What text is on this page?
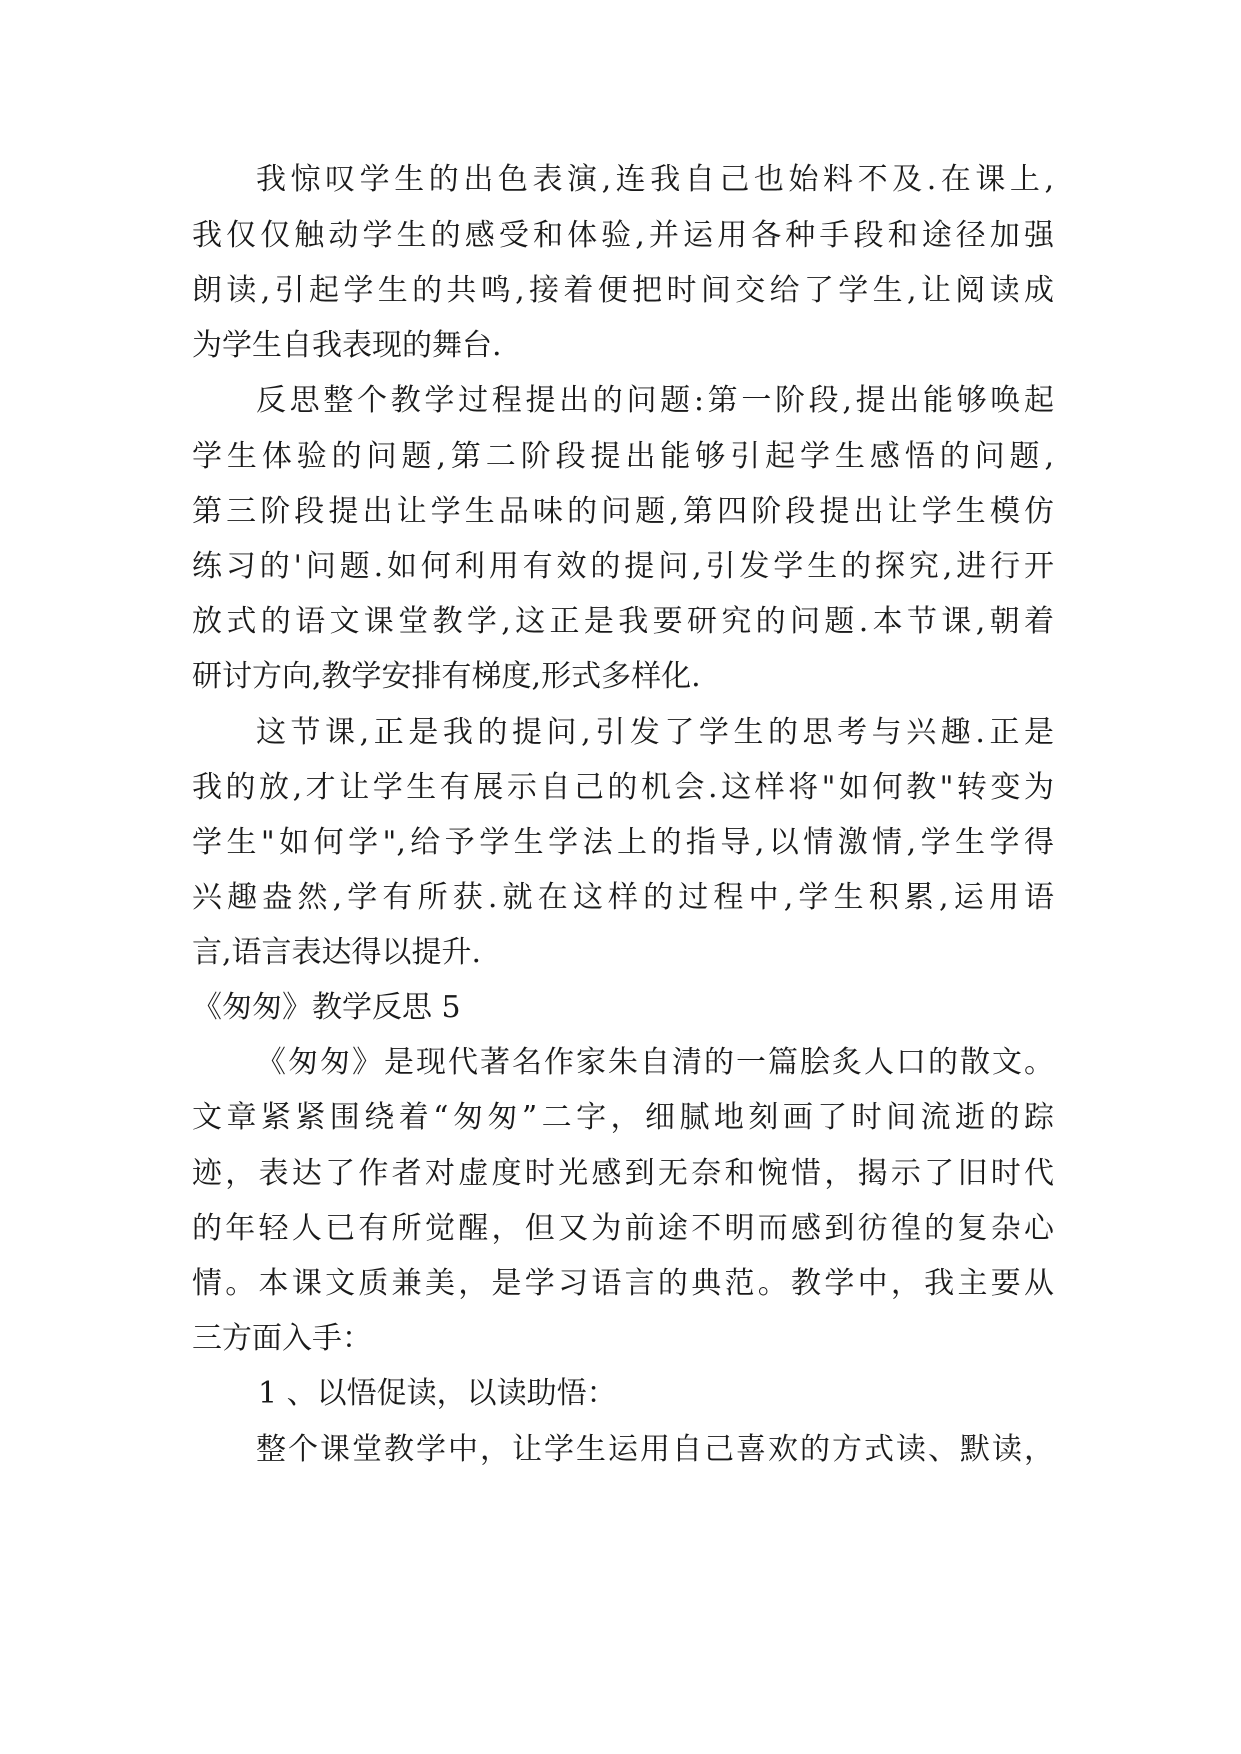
我惊叹学生的出色表演,连我自己也始料不及.在课上,
我仅仅触动学生的感受和体验,并运用各种手段和途径加强
朗读,引起学生的共鸣,接着便把时间交给了学生,让阅读成
为学生自我表现的舞台.
反思整个教学过程提出的问题:第一阶段,提出能够唤起
学生体验的问题,第二阶段提出能够引起学生感悟的问题,
第三阶段提出让学生品味的问题,第四阶段提出让学生模仿
练习的'问题.如何利用有效的提问,引发学生的探究,进行开
放式的语文课堂教学,这正是我要研究的问题.本节课,朝着
研讨方向,教学安排有梯度,形式多样化.
这节课,正是我的提问,引发了学生的思考与兴趣.正是
我的放,才让学生有展示自己的机会.这样将"如何教"转变为
学生"如何学",给予学生学法上的指导,以情激情,学生学得
兴趣盎然,学有所获.就在这样的过程中,学生积累,运用语
言,语言表达得以提升.
《匆匆》教学反思 5
《匆匆》是现代著名作家朱自清的一篇脍炙人口的散文。
文章紧紧围绕着“匆匆”二字，细腻地刻画了时间流逝的踪
迹，表达了作者对虚度时光感到无奈和惋惜，揭示了旧时代
的年轻人已有所觉醒，但又为前途不明而感到彷徨的复杂心
情。本课文质兼美，是学习语言的典范。教学中，我主要从
三方面入手：
1 、以悟促读，以读助悟：
整个课堂教学中，让学生运用自己喜欢的方式读、默读，
